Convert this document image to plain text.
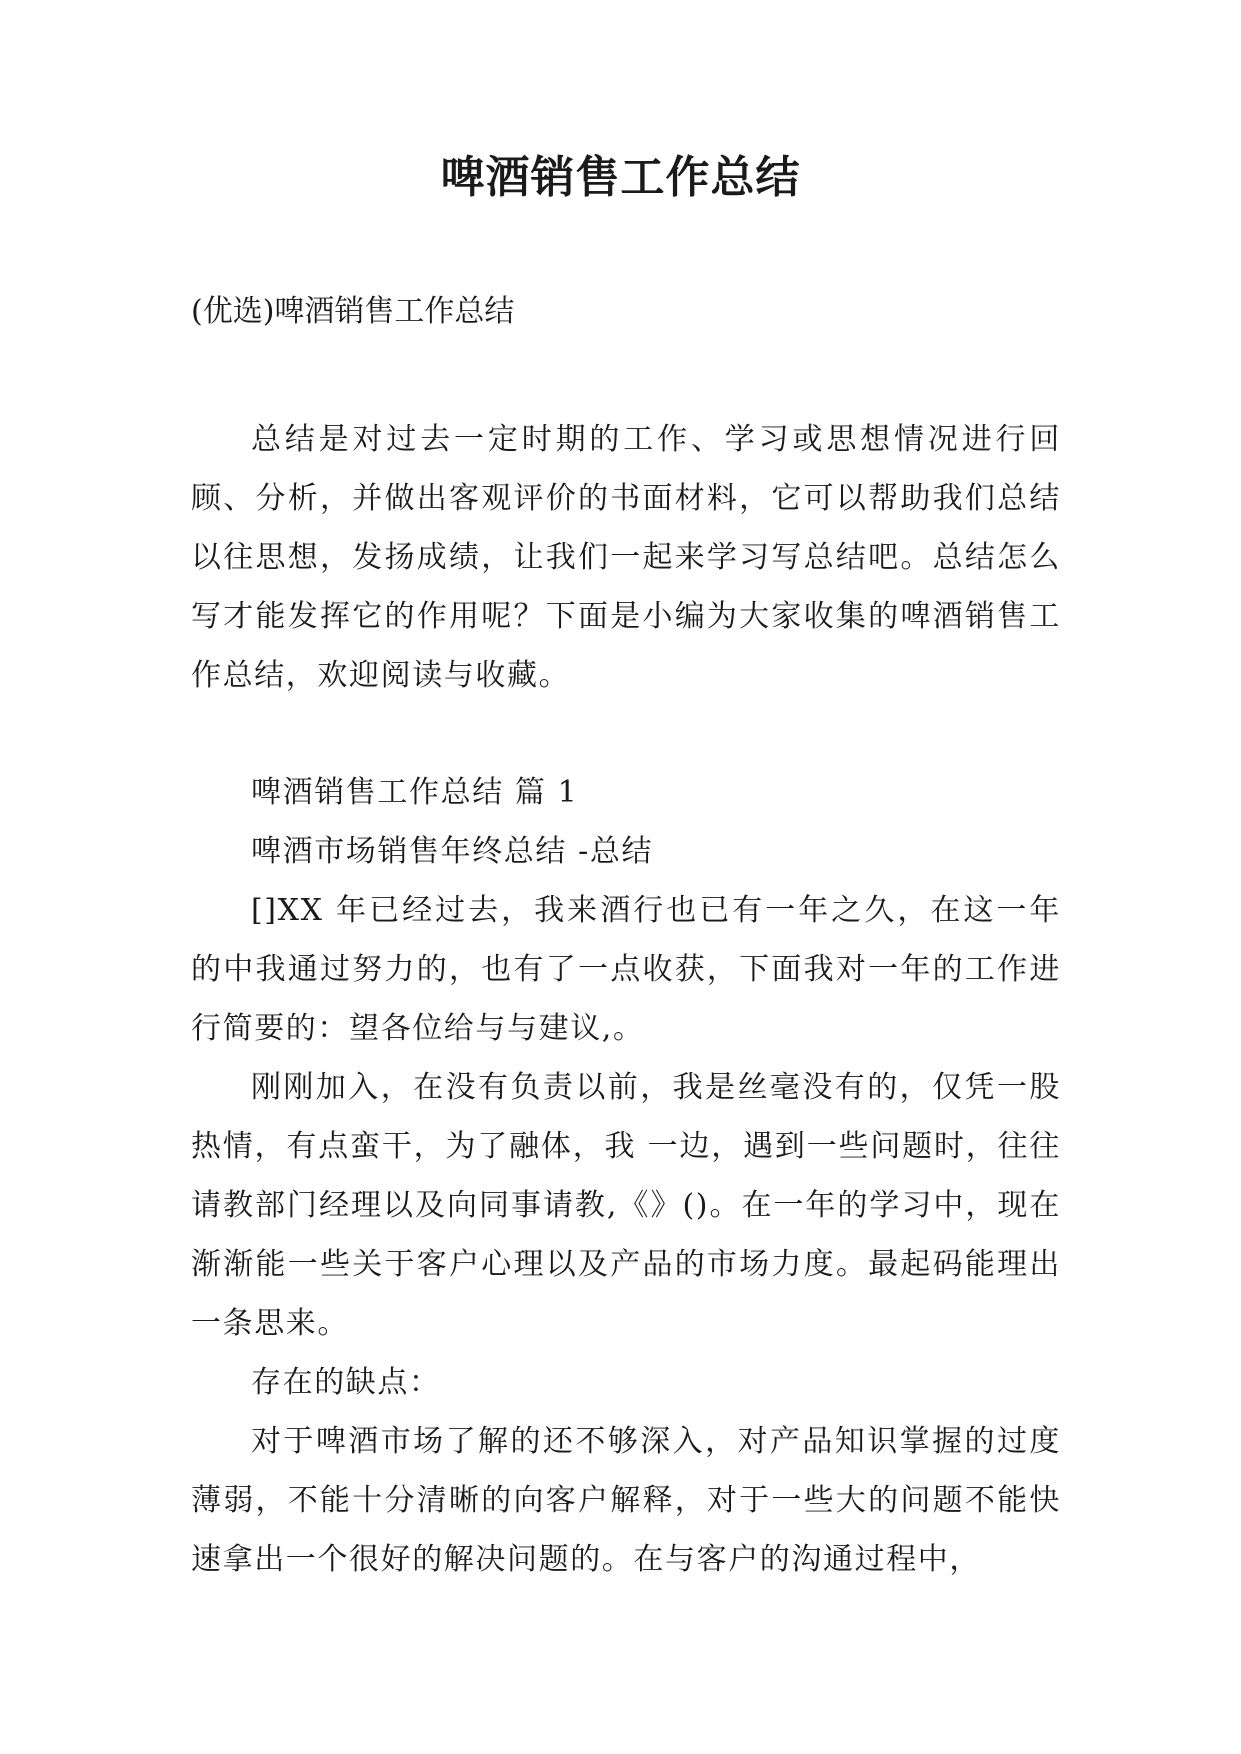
啤酒销售工作总结

(优选)啤酒销售工作总结

总结是对过去一定时期的工作、学习或思想情况进行回顾、分析，并做出客观评价的书面材料，它可以帮助我们总结以往思想，发扬成绩，让我们一起来学习写总结吧。总结怎么写才能发挥它的作用呢？下面是小编为大家收集的啤酒销售工作总结，欢迎阅读与收藏。

啤酒销售工作总结 篇 1

啤酒市场销售年终总结 -总结

[]XX 年已经过去，我来酒行也已有一年之久，在这一年的中我通过努力的，也有了一点收获，下面我对一年的工作进行简要的：望各位给与与建议,。

刚刚加入，在没有负责以前，我是丝毫没有的，仅凭一股热情，有点蛮干，为了融体，我 一边，遇到一些问题时，往往请教部门经理以及向同事请教,《》()。在一年的学习中，现在渐渐能一些关于客户心理以及产品的市场力度。最起码能理出一条思来。

存在的缺点：

对于啤酒市场了解的还不够深入，对产品知识掌握的过度薄弱，不能十分清晰的向客户解释，对于一些大的问题不能快速拿出一个很好的解决问题的。在与客户的沟通过程中，
